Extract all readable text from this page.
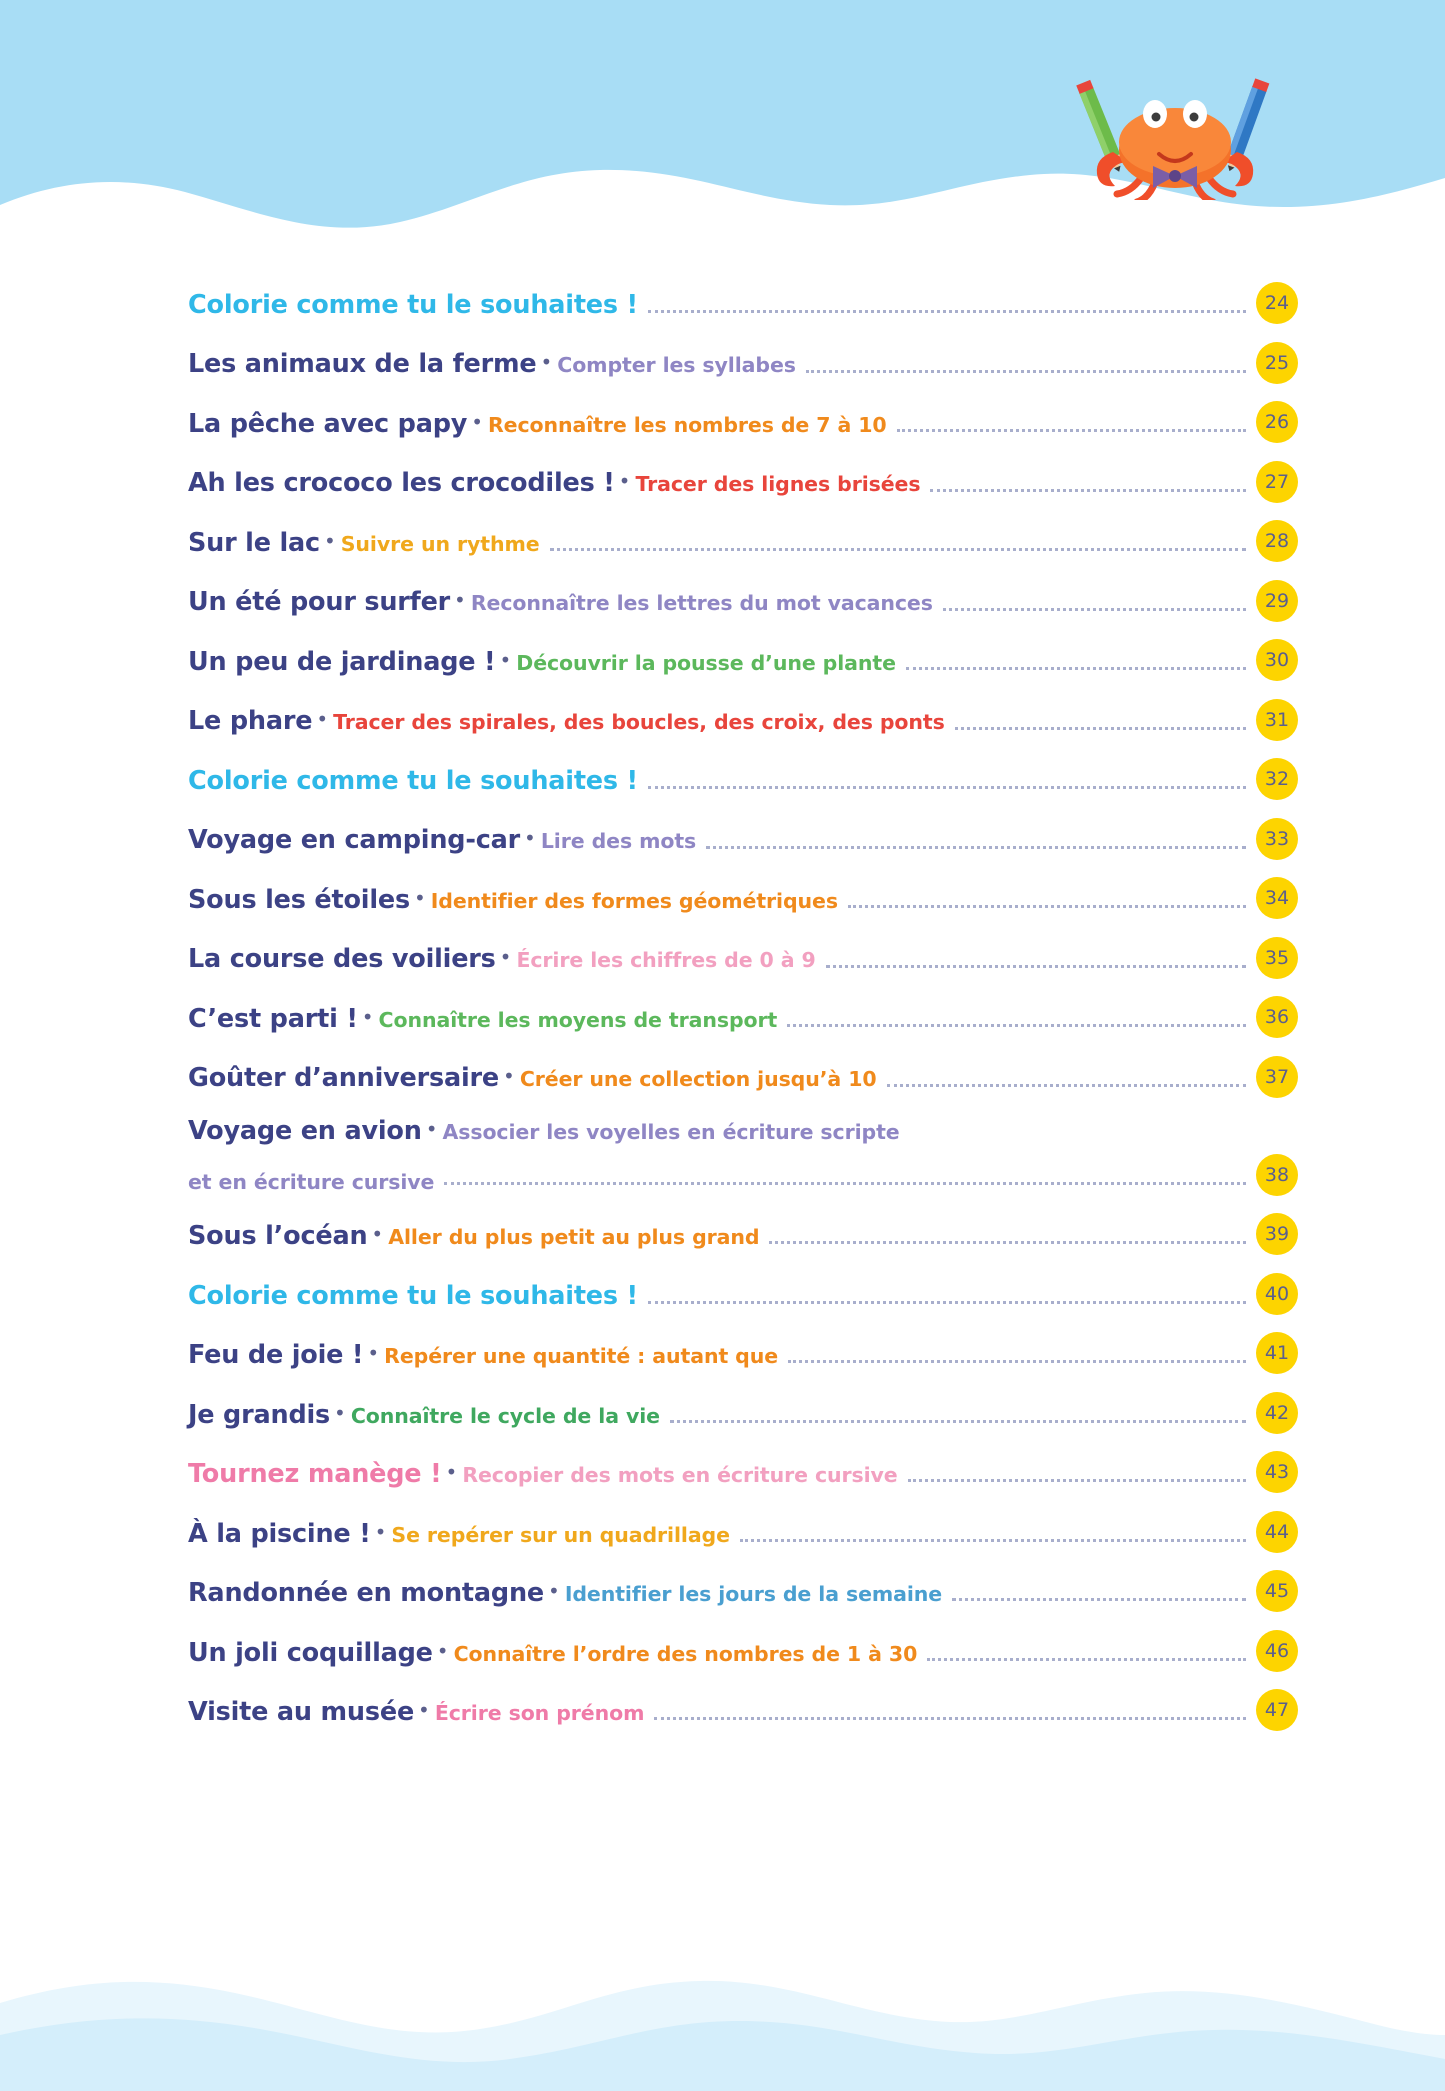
Colorie comme tu le souhaites !	24
Les animaux de la ferme • Compter les syllabes	25
La pêche avec papy • Reconnaître les nombres de 7 à 10	26
Ah les crococo les crocodiles ! • Tracer des lignes brisées	27
Sur le lac • Suivre un rythme	28
Un été pour surfer • Reconnaître les lettres du mot vacances	29
Un peu de jardinage ! • Découvrir la pousse d’une plante	30
Le phare • Tracer des spirales, des boucles, des croix, des ponts	31
Colorie comme tu le souhaites !	32
Voyage en camping-car • Lire des mots	33
Sous les étoiles • Identifier des formes géométriques	34
La course des voiliers • Écrire les chiffres de 0 à 9	35
C’est parti ! • Connaître les moyens de transport	36
Goûter d’anniversaire • Créer une collection jusqu’à 10	37
Voyage en avion • Associer les voyelles en écriture scripte
et en écriture cursive	38
Sous l’océan • Aller du plus petit au plus grand	39
Colorie comme tu le souhaites !	40
Feu de joie ! • Repérer une quantité : autant que	41
Je grandis • Connaître le cycle de la vie	42
Tournez manège ! • Recopier des mots en écriture cursive	43
À la piscine ! • Se repérer sur un quadrillage	44
Randonnée en montagne • Identifier les jours de la semaine	45
Un joli coquillage • Connaître l’ordre des nombres de 1 à 30	46
Visite au musée • Écrire son prénom	47
